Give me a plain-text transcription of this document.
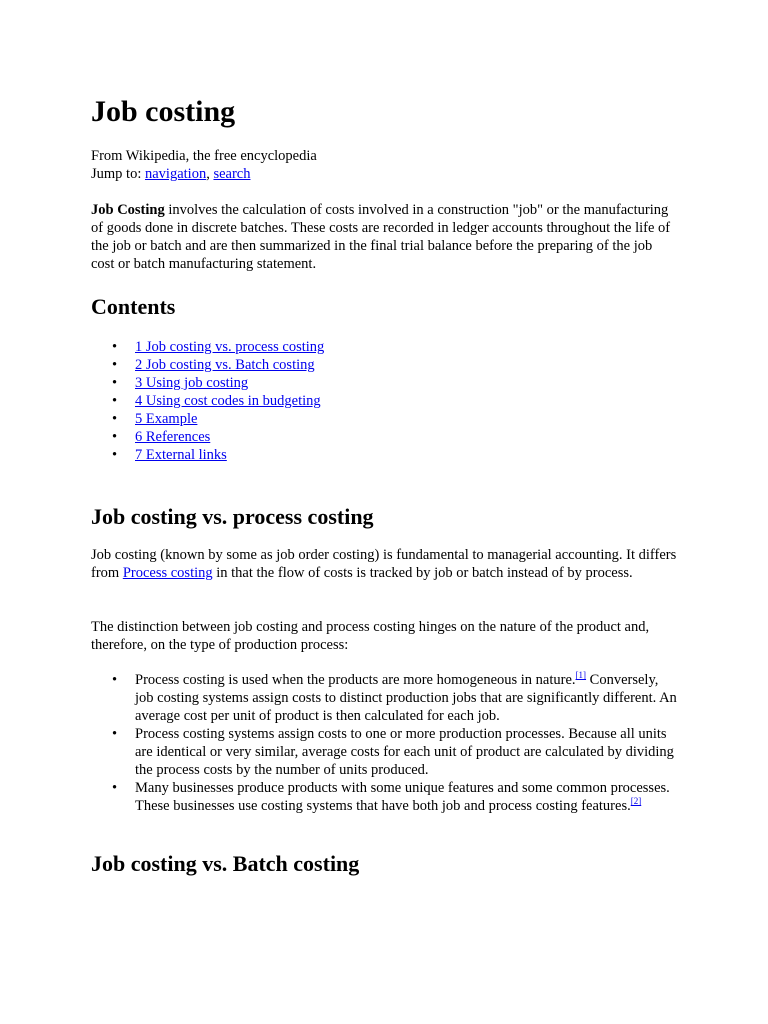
Job costing

From Wikipedia, the free encyclopedia
Jump to: navigation, search

Job Costing involves the calculation of costs involved in a construction "job" or the manufacturing of goods done in discrete batches. These costs are recorded in ledger accounts throughout the life of the job or batch and are then summarized in the final trial balance before the preparing of the job cost or batch manufacturing statement.

Contents
• 1 Job costing vs. process costing
• 2 Job costing vs. Batch costing
• 3 Using job costing
• 4 Using cost codes in budgeting
• 5 Example
• 6 References
• 7 External links
Job costing vs. process costing

Job costing (known by some as job order costing) is fundamental to managerial accounting. It differs from Process costing in that the flow of costs is tracked by job or batch instead of by process.

The distinction between job costing and process costing hinges on the nature of the product and, therefore, on the type of production process:

• Process costing is used when the products are more homogeneous in nature.[1] Conversely, job costing systems assign costs to distinct production jobs that are significantly different. An average cost per unit of product is then calculated for each job.
• Process costing systems assign costs to one or more production processes. Because all units are identical or very similar, average costs for each unit of product are calculated by dividing the process costs by the number of units produced.
• Many businesses produce products with some unique features and some common processes. These businesses use costing systems that have both job and process costing features.[2]
Job costing vs. Batch costing
